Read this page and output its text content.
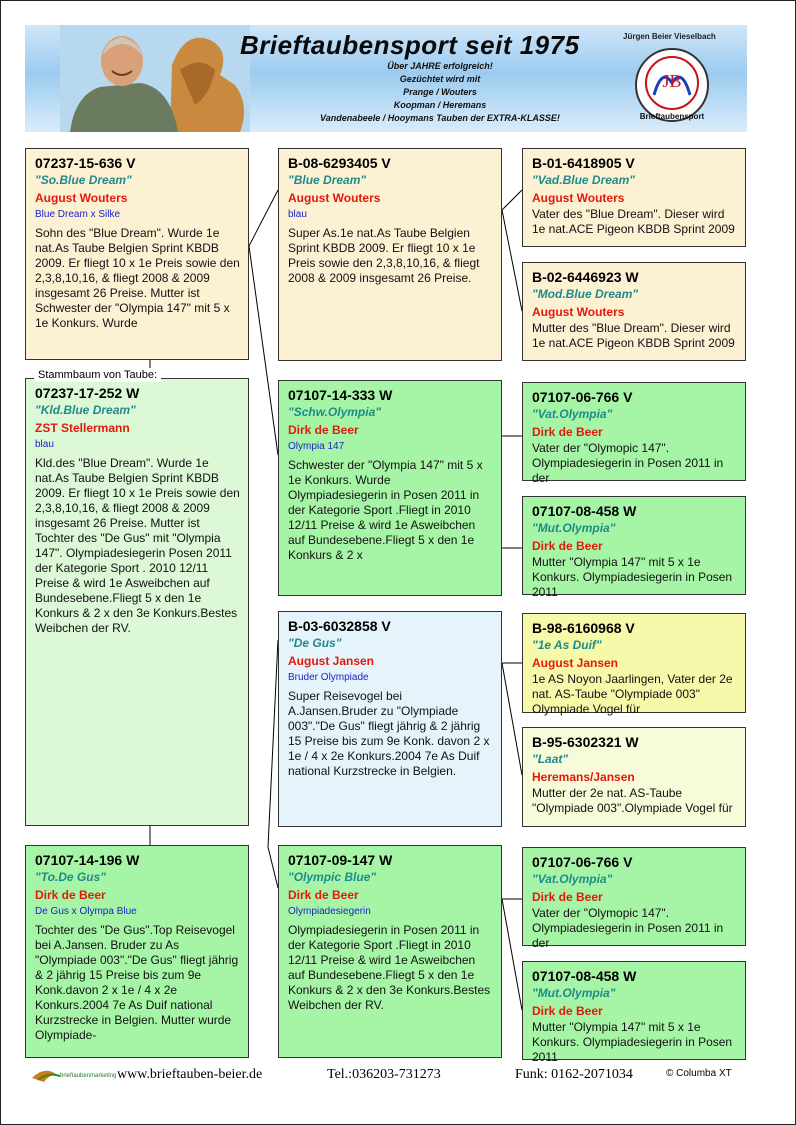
Brieftaubensport seit 1975
Über JAHRE erfolgreich!
Gezüchtet wird mit
Prange / Wouters
Koopman / Heremans
Vandenabeele / Hooymans Tauben der EXTRA-KLASSE!
Jürgen Beier Vieselbach
JB
Brieftaubensport
07237-15-636 V
"So.Blue Dream"
August Wouters
Blue Dream x Silke
Sohn des "Blue Dream". Wurde 1e nat.As Taube Belgien Sprint KBDB 2009. Er fliegt 10 x 1e Preis sowie den 2,3,8,10,16, & fliegt 2008 & 2009 insgesamt 26 Preise. Mutter ist Schwester der "Olympia 147" mit 5 x 1e Konkurs. Wurde
07237-17-252 W
"Kld.Blue Dream"
ZST Stellermann
blau
Kld.des "Blue Dream". Wurde 1e nat.As Taube Belgien Sprint KBDB 2009. Er fliegt 10 x 1e Preis sowie den 2,3,8,10,16, & fliegt 2008 & 2009 insgesamt 26 Preise. Mutter ist Tochter des "De Gus" mit "Olympia 147". Olympiadesiegerin Posen 2011 der Kategorie Sport . 2010 12/11 Preise & wird 1e Asweibchen auf Bundesebene.Fliegt 5 x den 1e Konkurs & 2 x den 3e Konkurs.Bestes Weibchen der RV.
Stammbaum von Taube:
07107-14-196 W
"To.De Gus"
Dirk de Beer
De Gus x Olympa Blue
Tochter des "De Gus".Top Reisevogel bei A.Jansen. Bruder zu As "Olympiade 003"."De Gus" fliegt jährig & 2 jährig 15 Preise bis zum 9e Konk.davon 2 x 1e / 4 x 2e Konkurs.2004 7e As Duif national Kurzstrecke in Belgien. Mutter wurde Olympiade-
B-08-6293405 V
"Blue Dream"
August Wouters
blau
Super As.1e nat.As Taube Belgien Sprint KBDB 2009. Er fliegt 10 x 1e Preis sowie den 2,3,8,10,16, & fliegt 2008 & 2009 insgesamt 26 Preise.
07107-14-333 W
"Schw.Olympia"
Dirk de Beer
Olympia 147
Schwester der "Olympia 147" mit 5 x 1e Konkurs. Wurde Olympiadesiegerin in Posen 2011 in der Kategorie Sport .Fliegt in 2010 12/11 Preise & wird 1e Asweibchen auf Bundesebene.Fliegt 5 x den 1e Konkurs & 2 x
B-03-6032858 V
"De Gus"
August Jansen
Bruder Olympiade
Super Reisevogel bei A.Jansen.Bruder zu "Olympiade 003"."De Gus" fliegt jährig & 2 jährig 15 Preise bis zum 9e Konk. davon 2 x 1e / 4 x 2e Konkurs.2004 7e As Duif national Kurzstrecke in Belgien.
07107-09-147 W
"Olympic Blue"
Dirk de Beer
Olympiadesiegerin
Olympiadesiegerin in Posen 2011 in der Kategorie Sport .Fliegt in 2010 12/11 Preise & wird 1e Asweibchen auf Bundesebene.Fliegt 5 x den 1e Konkurs & 2 x den 3e Konkurs.Bestes Weibchen der RV.
B-01-6418905 V
"Vad.Blue Dream"
August Wouters
Vater des "Blue Dream". Dieser wird 1e nat.ACE Pigeon KBDB Sprint 2009
B-02-6446923 W
"Mod.Blue Dream"
August Wouters
Mutter des "Blue Dream". Dieser wird 1e nat.ACE Pigeon KBDB Sprint 2009
07107-06-766 V
"Vat.Olympia"
Dirk de Beer
Vater der "Olymopic 147". Olympiadesiegerin in Posen 2011 in der
07107-08-458 W
"Mut.Olympia"
Dirk de Beer
Mutter "Olympia 147" mit 5 x 1e Konkurs. Olympiadesiegerin in Posen 2011
B-98-6160968 V
"1e As Duif"
August Jansen
1e AS Noyon Jaarlingen, Vater der 2e nat. AS-Taube "Olympiade 003" Olympiade Vogel für
B-95-6302321 W
"Laat"
Heremans/Jansen
Mutter der 2e nat. AS-Taube "Olympiade 003".Olympiade Vogel für
07107-06-766 V
"Vat.Olympia"
Dirk de Beer
Vater der "Olymopic 147". Olympiadesiegerin in Posen 2011 in der
07107-08-458 W
"Mut.Olympia"
Dirk de Beer
Mutter "Olympia 147" mit 5 x 1e Konkurs. Olympiadesiegerin in Posen 2011
brieftaubenmarketing www.brieftauben-beier.de	Tel.:036203-731273	Funk: 0162-2071034	© Columba XT
